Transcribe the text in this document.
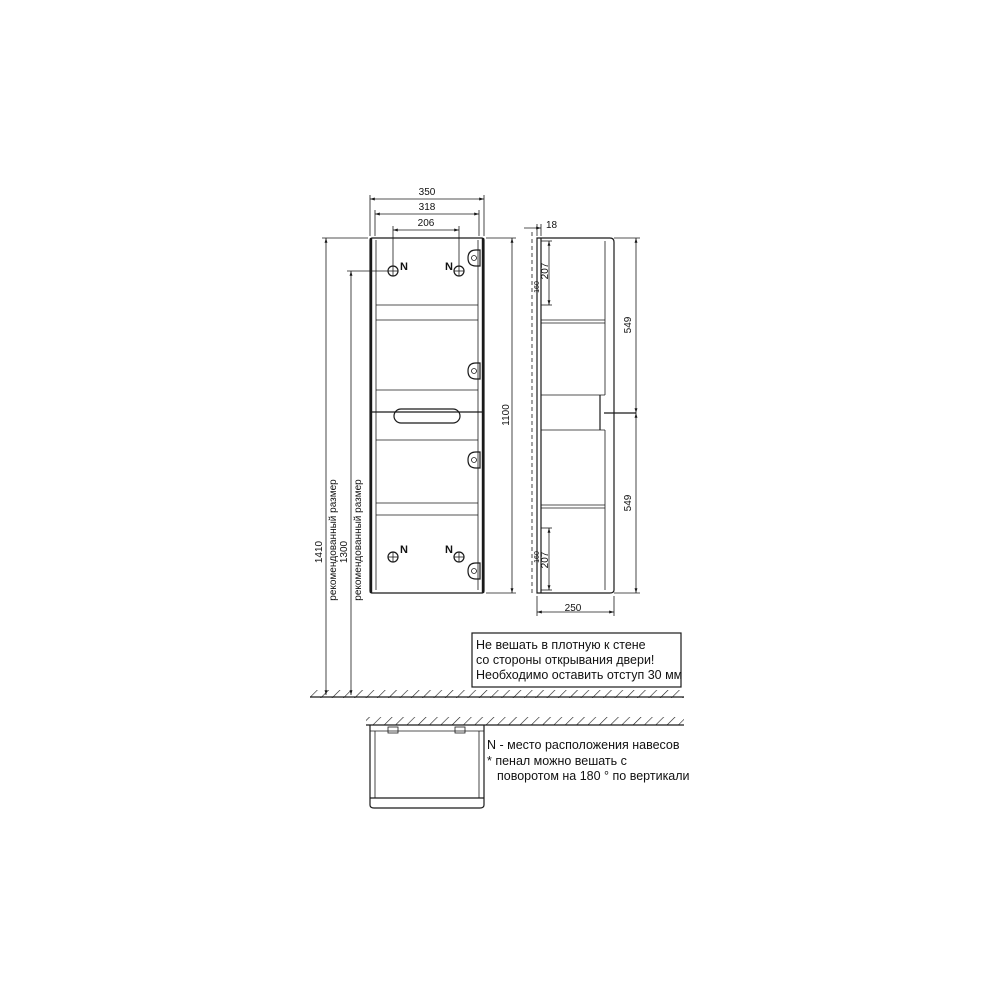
N	N
N	N
350
318
206
1100
1410 рекомендованный размер 1300 рекомендованный размер
18
549
549
207
160
207
160
250
Не вешать в плотную к стене
со стороны открывания двери!
Необходимо оставить отступ 30 мм
N - место расположения навесов
* пенал можно вешать с
поворотом на 180 ° по вертикали
